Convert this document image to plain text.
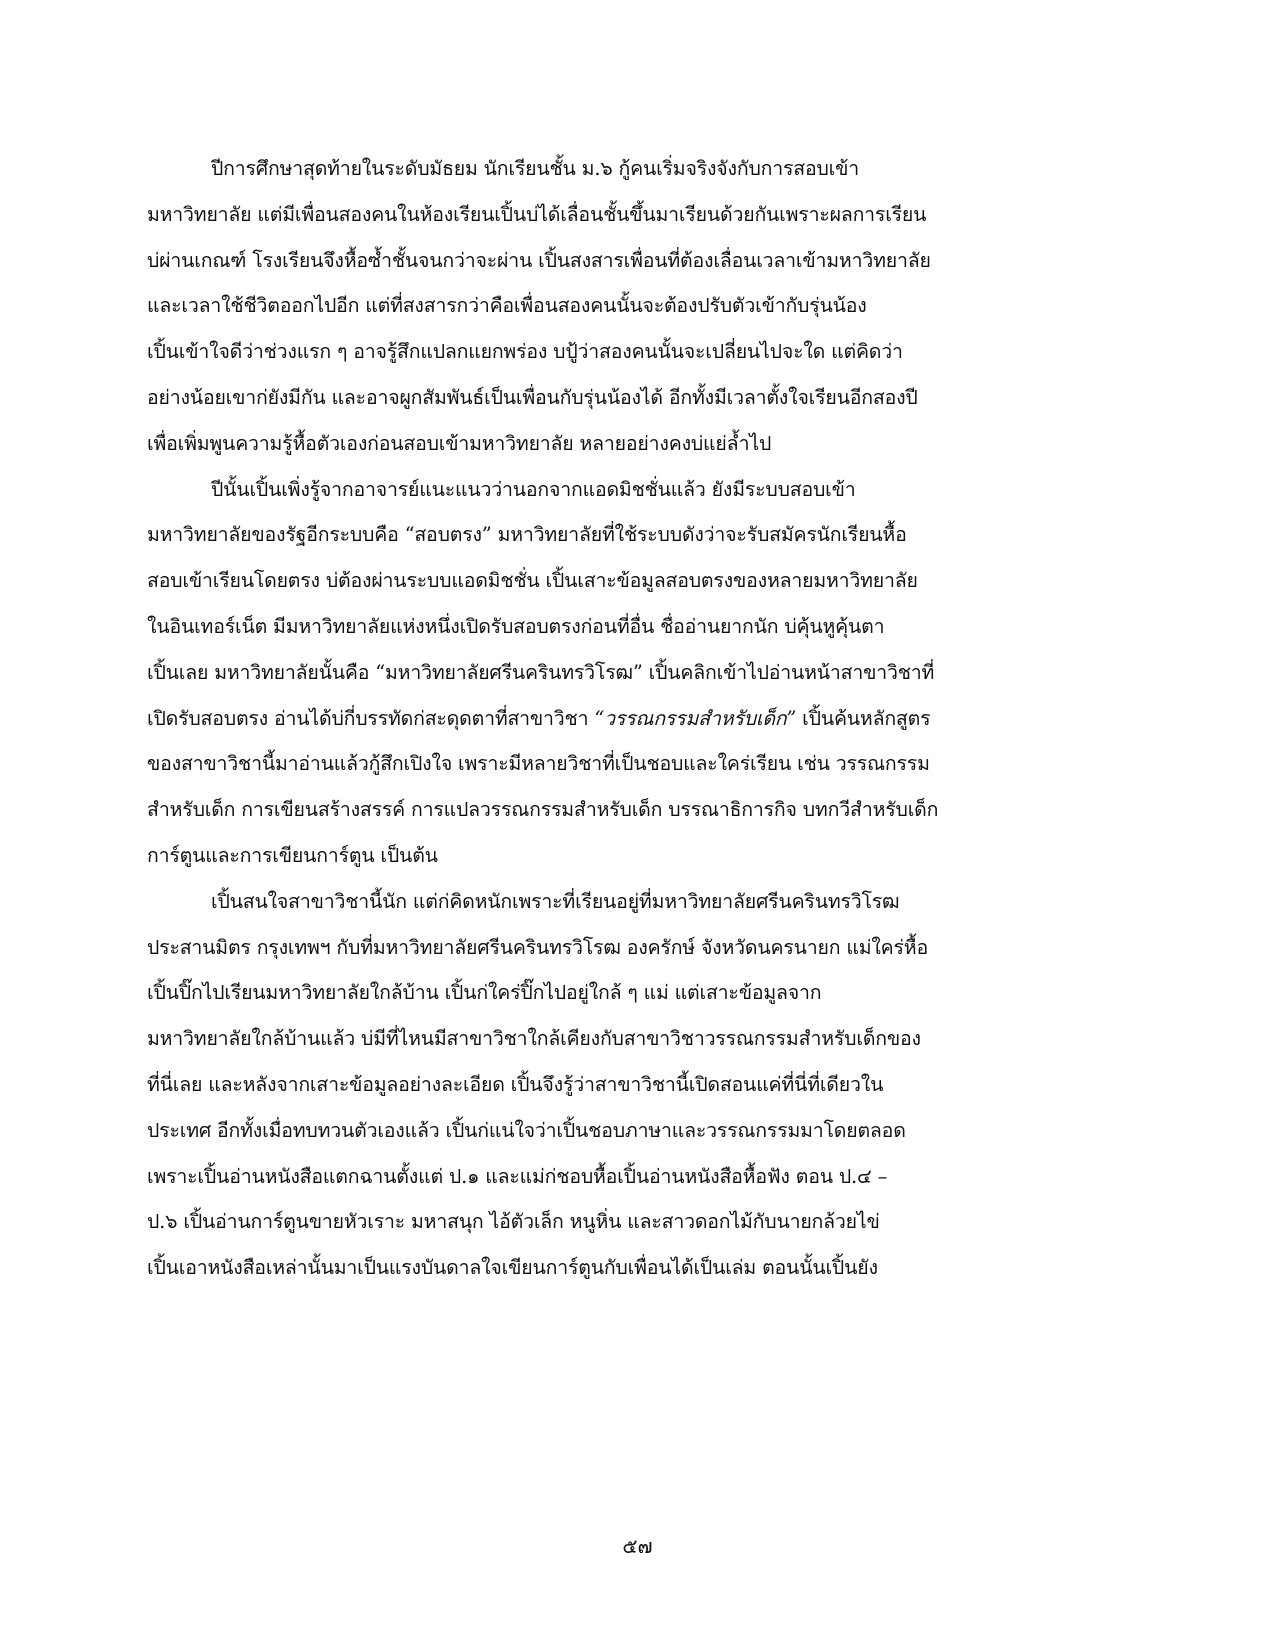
ปีการศึกษาสุดท้ายในระดับมัธยม นักเรียนชั้น ม.๖ กู้คนเริ่มจริงจังกับการสอบเข้า
มหาวิทยาลัย แต่มีเพื่อนสองคนในห้องเรียนเปิ้นบ่ได้เลื่อนชั้นขึ้นมาเรียนด้วยกันเพราะผลการเรียน
บ่ผ่านเกณฑ์ โรงเรียนจึงหื้อซ้ำชั้นจนกว่าจะผ่าน เปิ้นสงสารเพื่อนที่ต้องเลื่อนเวลาเข้ามหาวิทยาลัย
และเวลาใช้ชีวิตออกไปอีก แต่ที่สงสารกว่าคือเพื่อนสองคนนั้นจะต้องปรับตัวเข้ากับรุ่นน้อง
เปิ้นเข้าใจดีว่าช่วงแรก ๆ อาจรู้สึกแปลกแยกพร่อง บปู้ว่าสองคนนั้นจะเปลี่ยนไปจะใด แต่คิดว่า
อย่างน้อยเขาก่ยังมีกัน และอาจผูกสัมพันธ์เป็นเพื่อนกับรุ่นน้องได้ อีกทั้งมีเวลาตั้งใจเรียนอีกสองปี
เพื่อเพิ่มพูนความรู้หื้อตัวเองก่อนสอบเข้ามหาวิทยาลัย หลายอย่างคงบ่แย่ล้ำไป
ปีนั้นเปิ้นเพิ่งรู้จากอาจารย์แนะแนวว่านอกจากแอดมิชชั่นแล้ว ยังมีระบบสอบเข้า
มหาวิทยาลัยของรัฐอีกระบบคือ “สอบตรง” มหาวิทยาลัยที่ใช้ระบบดังว่าจะรับสมัครนักเรียนหื้อ
สอบเข้าเรียนโดยตรง บ่ต้องผ่านระบบแอดมิชชั่น เปิ้นเสาะข้อมูลสอบตรงของหลายมหาวิทยาลัย
ในอินเทอร์เน็ต มีมหาวิทยาลัยแห่งหนึ่งเปิดรับสอบตรงก่อนที่อื่น ชื่ออ่านยากนัก บ่คุ้นหูคุ้นตา
เปิ้นเลย มหาวิทยาลัยนั้นคือ “มหาวิทยาลัยศรีนครินทรวิโรฒ” เปิ้นคลิกเข้าไปอ่านหน้าสาขาวิชาที่
เปิดรับสอบตรง อ่านได้บ่กี่บรรทัดก่สะดุดตาที่สาขาวิชา “วรรณกรรมสำหรับเด็ก” เปิ้นค้นหลักสูตร
ของสาขาวิชานี้มาอ่านแล้วกู้สึกเปิงใจ เพราะมีหลายวิชาที่เป็นชอบและใคร่เรียน เช่น วรรณกรรม
สำหรับเด็ก การเขียนสร้างสรรค์ การแปลวรรณกรรมสำหรับเด็ก บรรณาธิการกิจ บทกวีสำหรับเด็ก
การ์ตูนและการเขียนการ์ตูน เป็นต้น
เปิ้นสนใจสาขาวิชานี้นัก แต่ก่คิดหนักเพราะที่เรียนอยู่ที่มหาวิทยาลัยศรีนครินทรวิโรฒ
ประสานมิตร กรุงเทพฯ กับที่มหาวิทยาลัยศรีนครินทรวิโรฒ องครักษ์ จังหวัดนครนายก แม่ใคร่หื้อ
เปิ้นปิ๊กไปเรียนมหาวิทยาลัยใกล้บ้าน เปิ้นก่ใคร่ปิ๊กไปอยู่ใกล้ ๆ แม่ แต่เสาะข้อมูลจาก
มหาวิทยาลัยใกล้บ้านแล้ว บ่มีที่ไหนมีสาขาวิชาใกล้เคียงกับสาขาวิชาวรรณกรรมสำหรับเด็กของ
ที่นี่เลย และหลังจากเสาะข้อมูลอย่างละเอียด เปิ้นจึงรู้ว่าสาขาวิชานี้เปิดสอนแค่ที่นี่ที่เดียวใน
ประเทศ อีกทั้งเมื่อทบทวนตัวเองแล้ว เปิ้นก่แน่ใจว่าเปิ้นชอบภาษาและวรรณกรรมมาโดยตลอด
เพราะเปิ้นอ่านหนังสือแตกฉานตั้งแต่ ป.๑ และแม่ก่ชอบหื้อเปิ้นอ่านหนังสือหื้อฟัง ตอน ป.๔ –
ป.๖ เปิ้นอ่านการ์ตูนขายหัวเราะ มหาสนุก ไอ้ตัวเล็ก หนูหิ่น และสาวดอกไม้กับนายกล้วยไข่
เปิ้นเอาหนังสือเหล่านั้นมาเป็นแรงบันดาลใจเขียนการ์ตูนกับเพื่อนได้เป็นเล่ม ตอนนั้นเปิ้นยัง
๕๗
